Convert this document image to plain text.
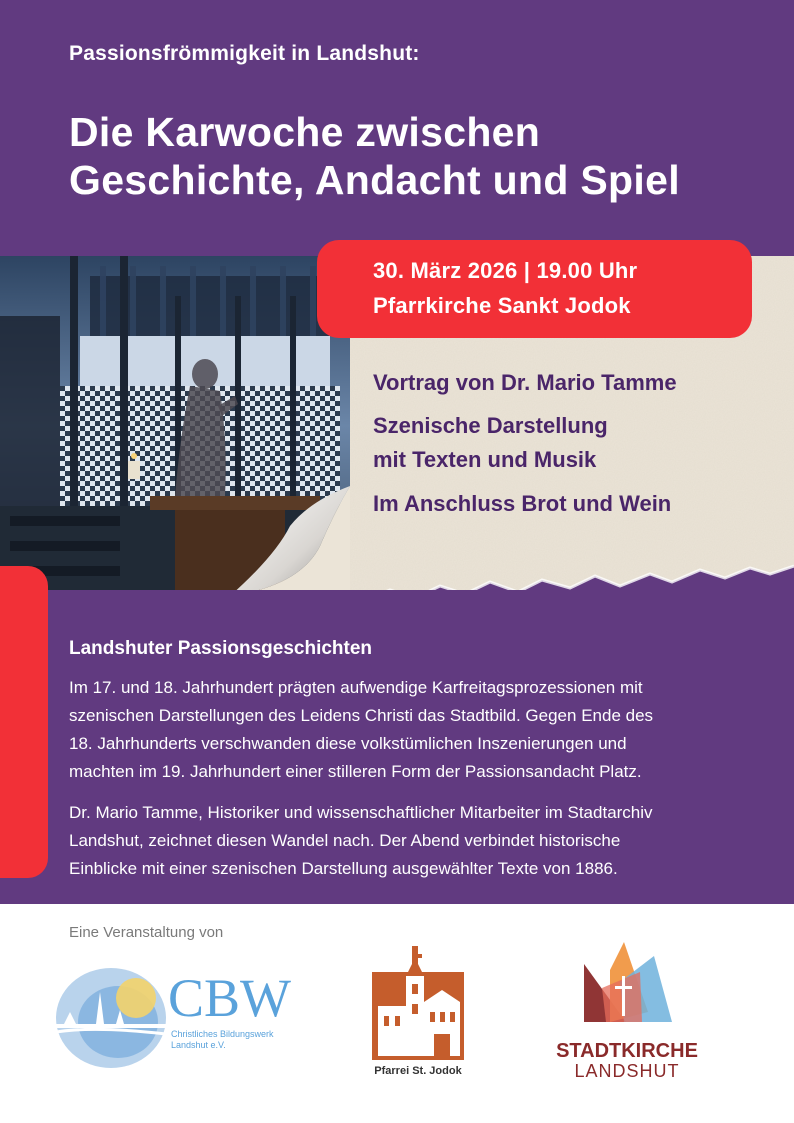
Passionsfrömmigkeit in Landshut:
Die Karwoche zwischen
Geschichte, Andacht und Spiel
30. März 2026 | 19.00 Uhr
Pfarrkirche Sankt Jodok
Vortrag von Dr. Mario Tamme
Szenische Darstellung
mit Texten und Musik
Im Anschluss Brot und Wein
Landshuter Passionsgeschichten
Im 17. und 18. Jahrhundert prägten aufwendige Karfreitagsprozessionen mit
szenischen Darstellungen des Leidens Christi das Stadtbild. Gegen Ende des
18. Jahrhunderts verschwanden diese volkstümlichen Inszenierungen und
machten im 19. Jahrhundert einer stilleren Form der Passionsandacht Platz.
Dr. Mario Tamme, Historiker und wissenschaftlicher Mitarbeiter im Stadtarchiv
Landshut, zeichnet diesen Wandel nach. Der Abend verbindet historische
Einblicke mit einer szenischen Darstellung ausgewählter Texte von 1886.
Eine Veranstaltung von
CBW
Christliches Bildungswerk
Landshut e.V.
Pfarrei St. Jodok
STADTKIRCHE
LANDSHUT
